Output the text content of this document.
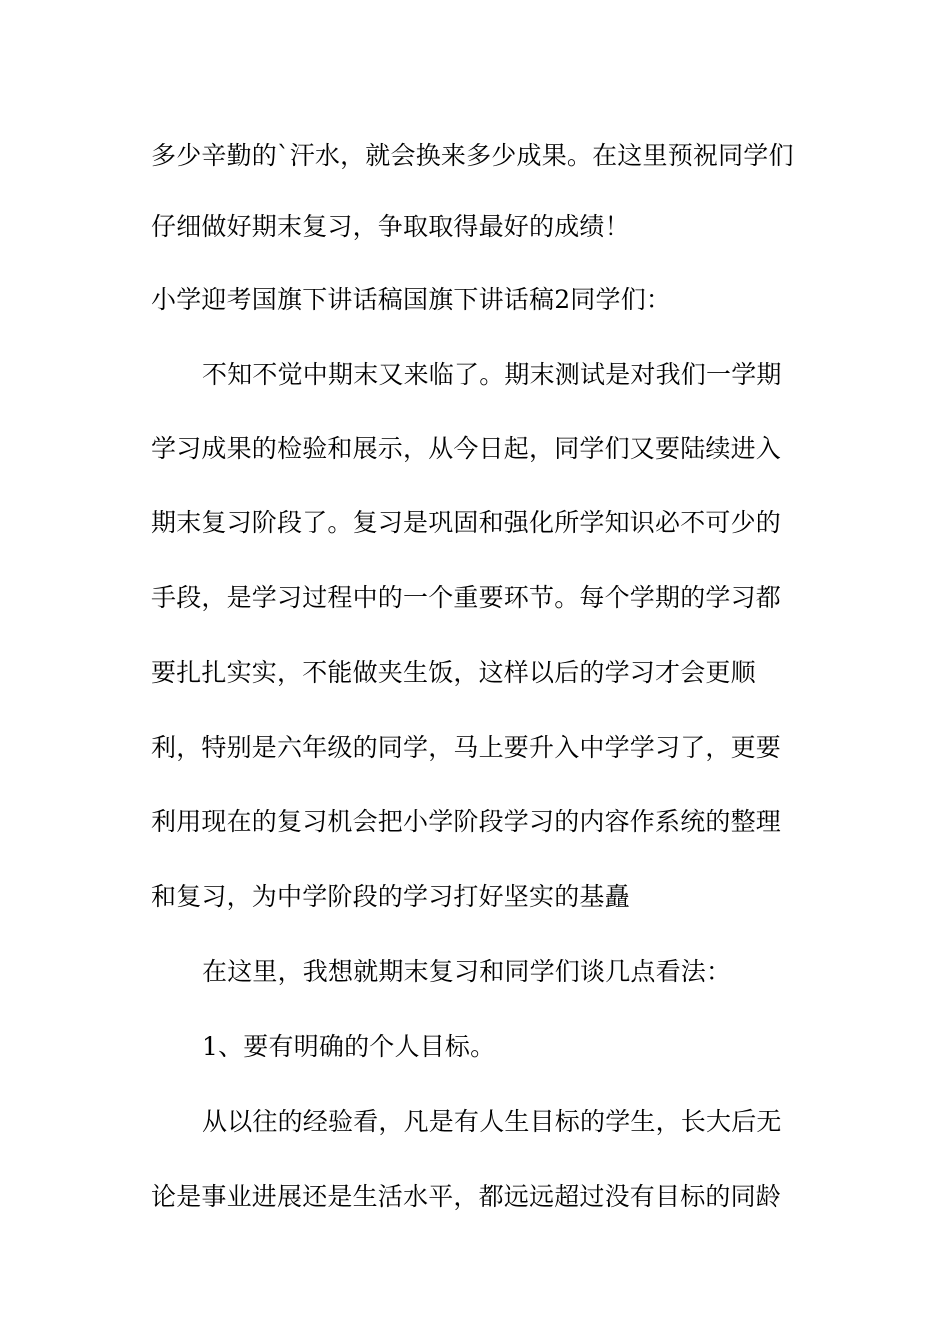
多少辛勤的`汗水，就会换来多少成果。在这里预祝同学们
仔细做好期末复习，争取取得最好的成绩！
小学迎考国旗下讲话稿国旗下讲话稿2同学们：
不知不觉中期末又来临了。期末测试是对我们一学期
学习成果的检验和展示，从今日起，同学们又要陆续进入
期末复习阶段了。复习是巩固和强化所学知识必不可少的
手段，是学习过程中的一个重要环节。每个学期的学习都
要扎扎实实，不能做夹生饭，这样以后的学习才会更顺
利，特别是六年级的同学，马上要升入中学学习了，更要
利用现在的复习机会把小学阶段学习的内容作系统的整理
和复习，为中学阶段的学习打好坚实的基矗
在这里，我想就期末复习和同学们谈几点看法：
1、要有明确的个人目标。
从以往的经验看，凡是有人生目标的学生，长大后无
论是事业进展还是生活水平，都远远超过没有目标的同龄
